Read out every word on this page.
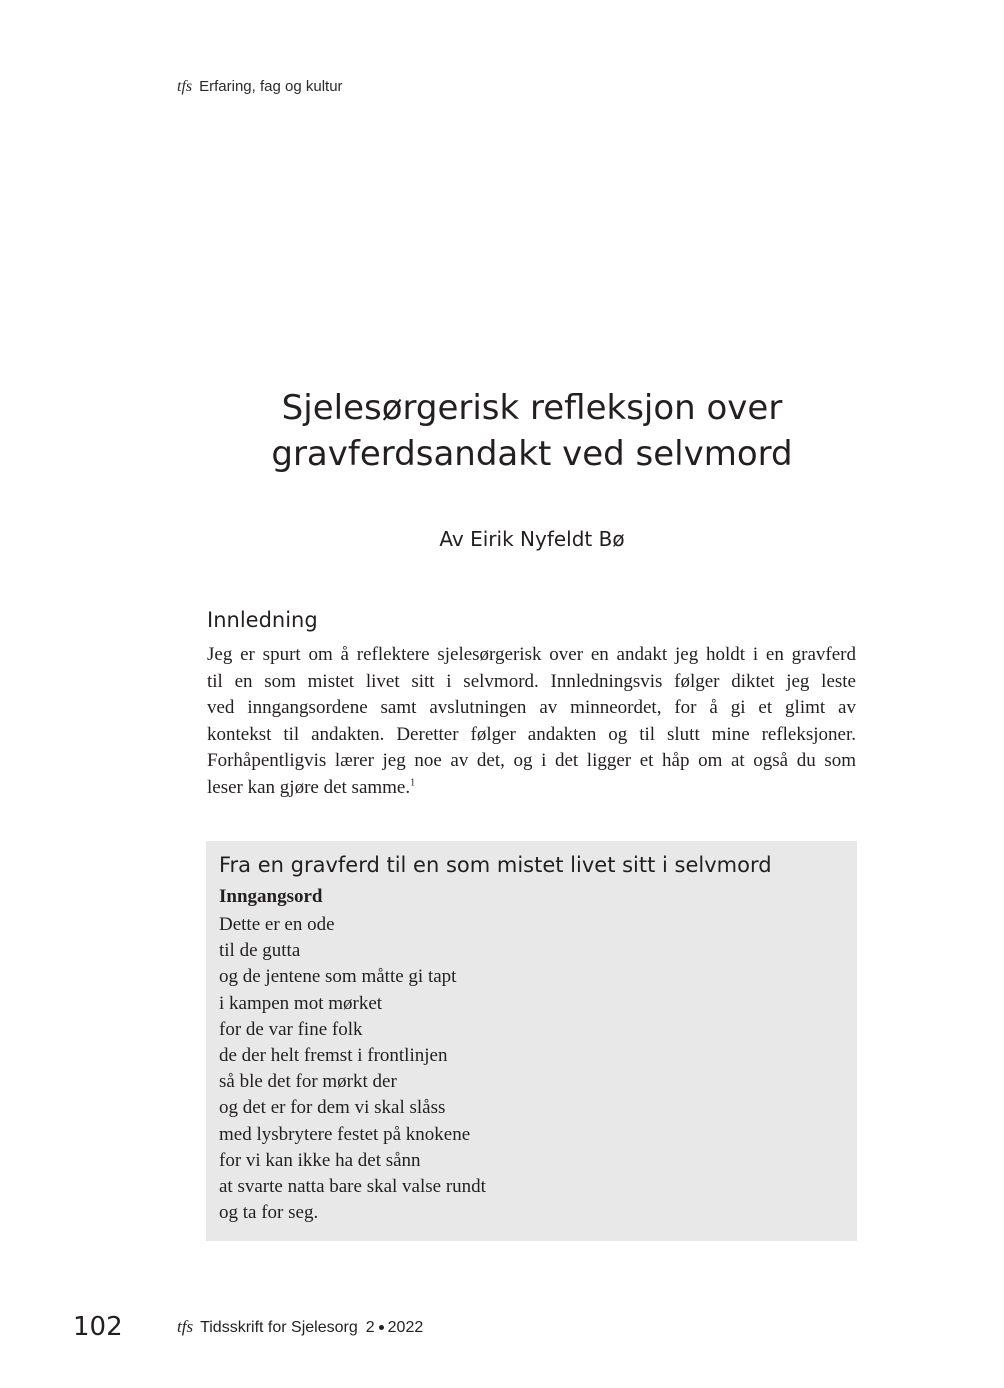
tfs Erfaring, fag og kultur
Sjelesørgerisk refleksjon over
gravferdsandakt ved selvmord
Av Eirik Nyfeldt Bø
Innledning

Jeg er spurt om å reflektere sjelesørgerisk over en andakt jeg holdt i en gravferd
til en som mistet livet sitt i selvmord. Innledningsvis følger diktet jeg leste
ved inngangsordene samt avslutningen av minneordet, for å gi et glimt av
kontekst til andakten. Deretter følger andakten og til slutt mine refleksjoner.
Forhåpentligvis lærer jeg noe av det, og i det ligger et håp om at også du som
leser kan gjøre det samme.$^1$

Fra en gravferd til en som mistet livet sitt i selvmord
Inngangsord
Dette er en ode
til de gutta
og de jentene som måtte gi tapt
i kampen mot mørket
for de var fine folk
de der helt fremst i frontlinjen
så ble det for mørkt der
og det er for dem vi skal slåss
med lysbrytere festet på knokene
for vi kan ikke ha det sånn
at svarte natta bare skal valse rundt
og ta for seg.
102	tfs Tidsskrift for Sjelesorg 2 2022
